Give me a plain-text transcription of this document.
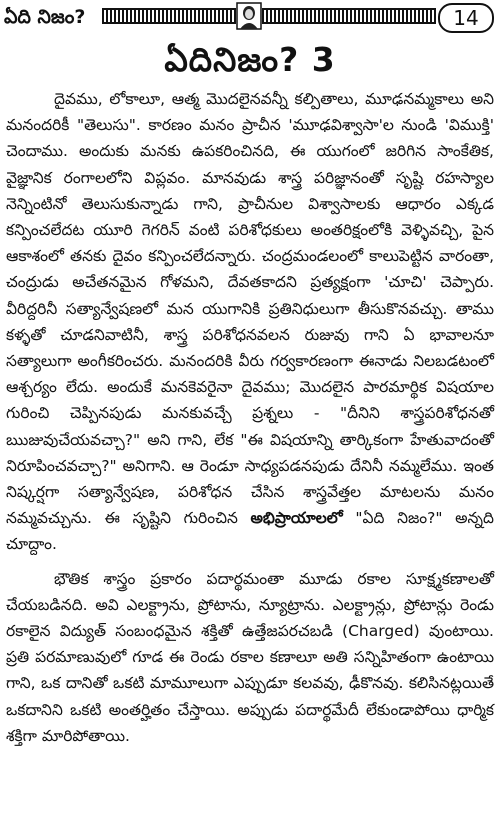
ఏది నిజం?	14
ఏదినిజం? 3

దైవము, లోకాలూ, ఆత్మ మొదలైనవన్నీ కల్పితాలు, మూఢనమ్మకాలు అని మనందరికీ "తెలుసు". కారణం మనం ప్రాచీన 'మూఢవిశ్వాసా'ల నుండి 'విముక్తి' చెందాము. అందుకు మనకు ఉపకరించినది, ఈ యుగంలో జరిగిన సాంకేతిక, వైజ్ఞానిక రంగాలలోని విప్లవం. మానవుడు శాస్త్ర పరిజ్ఞానంతో సృష్టి రహస్యాల నెన్నింటినో తెలుసుకున్నాడు గాని, ప్రాచీనుల విశ్వాసాలకు ఆధారం ఎక్కడ కన్పించలేదట యూరి గెగరిన్ వంటి పరిశోధకులు అంతరిక్షంలోకి వెళ్ళివచ్చి, పైన ఆకాశంలో తనకు దైవం కన్పించలేదన్నారు. చంద్రమండలంలో కాలుపెట్టిన వారంతా, చంద్రుడు అచేతనమైన గోళమని, దేవతకాదని ప్రత్యక్షంగా 'చూచి' చెప్పారు. వీరిద్దరినీ సత్యాన్వేషణలో మన యుగానికి ప్రతినిధులుగా తీసుకొనవచ్చు. తాము కళ్ళతో చూడనివాటినీ, శాస్త్ర పరిశోధనవలన రుజువు గాని ఏ భావాలనూ సత్యాలుగా అంగీకరించరు. మనందరికి వీరు గర్వకారణంగా ఈనాడు నిలబడటంలో ఆశ్చర్యం లేదు. అందుకే మనకెవరైనా దైవము; మొదలైన పారమార్థిక విషయాల గురించి చెప్పినపుడు మనకువచ్చే ప్రశ్నలు - "దీనిని శాస్త్రపరిశోధనతో ఋజువుచేయవచ్చా?" అని గాని, లేక "ఈ విషయాన్ని తార్కికంగా హేతువాదంతో నిరూపించవచ్చా?" అనిగాని. ఆ రెండూ సాధ్యపడనపుడు దేనినీ నమ్మలేము. ఇంత నిష్కర్షగా సత్యాన్వేషణ, పరిశోధన చేసిన శాస్త్రవేత్తల మాటలను మనం నమ్మవచ్చును. ఈ సృష్టిని గురించిన అభిప్రాయాలలో "ఏది నిజం?" అన్నది చూద్దాం.

భౌతిక శాస్త్రం ప్రకారం పదార్థమంతా మూడు రకాల సూక్ష్మకణాలతో చేయబడినది. అవి ఎలక్ట్రాను, ప్రోటాను, న్యూట్రాను. ఎలక్ట్రాన్లు, ప్రోటాన్లు రెండు రకాలైన విద్యుత్ సంబంధమైన శక్తితో ఉత్తేజపరచబడి (Charged) వుంటాయి. ప్రతి పరమాణువులో గూడ ఈ రెండు రకాల కణాలూ అతి సన్నిహితంగా ఉంటాయి గాని, ఒక దానితో ఒకటి మామూలుగా ఎప్పుడూ కలవవు, ఢీకొనవు. కలిసినట్లయితే ఒకదానిని ఒకటి అంతర్హితం చేస్తాయి. అప్పుడు పదార్థమేదీ లేకుండాపోయి ధార్మిక శక్తిగా మారిపోతాయి.
